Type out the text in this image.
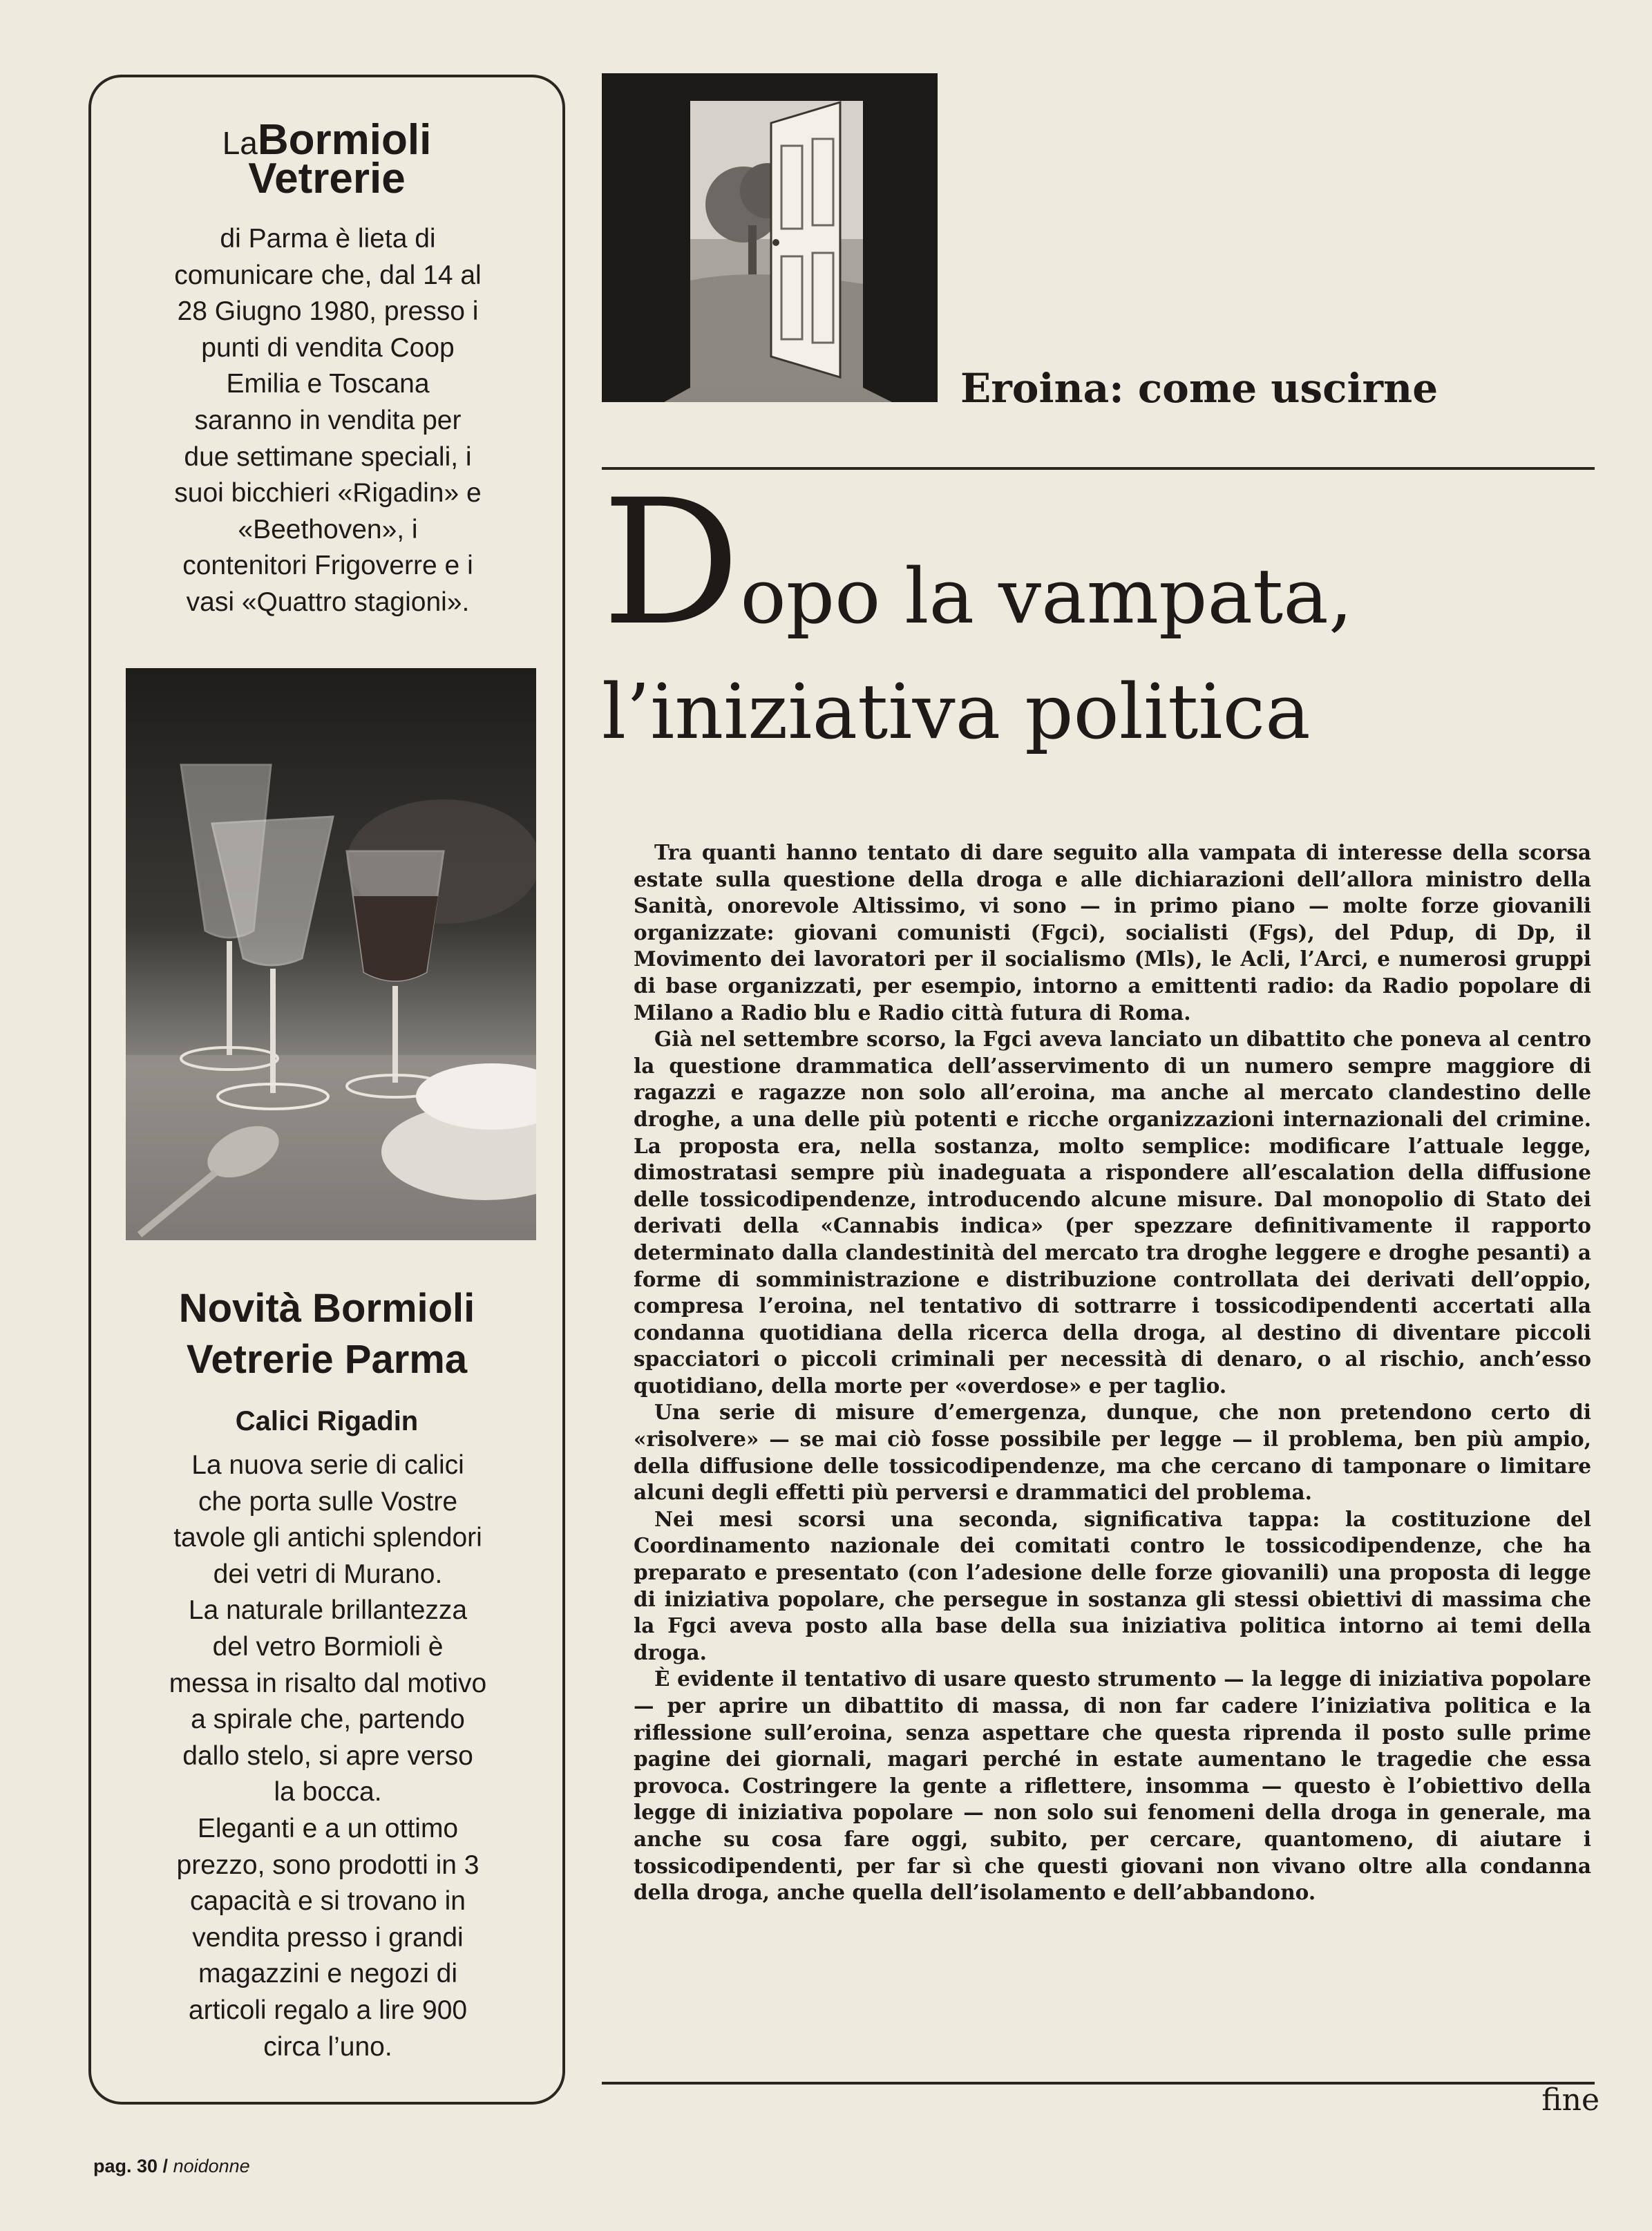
LaBormioli
Vetrerie
di Parma è lieta di
comunicare che, dal 14 al
28 Giugno 1980, presso i
punti di vendita Coop
Emilia e Toscana
saranno in vendita per
due settimane speciali, i
suoi bicchieri «Rigadin» e
«Beethoven», i
contenitori Frigoverre e i
vasi «Quattro stagioni».
Novità Bormioli
Vetrerie Parma
Calici Rigadin
La nuova serie di calici
che porta sulle Vostre
tavole gli antichi splendori
dei vetri di Murano.
La naturale brillantezza
del vetro Bormioli è
messa in risalto dal motivo
a spirale che, partendo
dallo stelo, si apre verso
la bocca.
Eleganti e a un ottimo
prezzo, sono prodotti in 3
capacità e si trovano in
vendita presso i grandi
magazzini e negozi di
articoli regalo a lire 900
circa l’uno.
Eroina: come uscirne
Dopo la vampata,
l’iniziativa politica

Tra quanti hanno tentato di dare seguito alla vampata di interesse della scorsa estate sulla questione della droga e alle dichiarazioni dell’allora ministro della Sanità, onorevole Altissimo, vi sono — in primo piano — molte forze giovanili organizzate: giovani comunisti (Fgci), socialisti (Fgs), del Pdup, di Dp, il Movimento dei lavoratori per il socialismo (Mls), le Acli, l’Arci, e numerosi gruppi di base organizzati, per esempio, intorno a emittenti radio: da Radio popolare di Milano a Radio blu e Radio città futura di Roma.

Già nel settembre scorso, la Fgci aveva lanciato un dibattito che poneva al centro la questione drammatica dell’asservimento di un numero sempre maggiore di ragazzi e ragazze non solo all’eroina, ma anche al mercato clandestino delle droghe, a una delle più potenti e ricche organizzazioni internazionali del crimine. La proposta era, nella sostanza, molto semplice: modificare l’attuale legge, dimostratasi sempre più inadeguata a rispondere all’escalation della diffusione delle tossicodipendenze, introducendo alcune misure. Dal monopolio di Stato dei derivati della «Cannabis indica» (per spezzare definitivamente il rapporto determinato dalla clandestinità del mercato tra droghe leggere e droghe pesanti) a forme di somministrazione e distribuzione controllata dei derivati dell’oppio, compresa l’eroina, nel tentativo di sottrarre i tossicodipendenti accertati alla condanna quotidiana della ricerca della droga, al destino di diventare piccoli spacciatori o piccoli criminali per necessità di denaro, o al rischio, anch’esso quotidiano, della morte per «overdose» e per taglio.

Una serie di misure d’emergenza, dunque, che non pretendono certo di «risolvere» — se mai ciò fosse possibile per legge — il problema, ben più ampio, della diffusione delle tossicodipendenze, ma che cercano di tamponare o limitare alcuni degli effetti più perversi e drammatici del problema.

Nei mesi scorsi una seconda, significativa tappa: la costituzione del Coordinamento nazionale dei comitati contro le tossicodipendenze, che ha preparato e presentato (con l’adesione delle forze giovanili) una proposta di legge di iniziativa popolare, che persegue in sostanza gli stessi obiettivi di massima che la Fgci aveva posto alla base della sua iniziativa politica intorno ai temi della droga.

È evidente il tentativo di usare questo strumento — la legge di iniziativa popolare — per aprire un dibattito di massa, di non far cadere l’iniziativa politica e la riflessione sull’eroina, senza aspettare che questa riprenda il posto sulle prime pagine dei giornali, magari perché in estate aumentano le tragedie che essa provoca. Costringere la gente a riflettere, insomma — questo è l’obiettivo della legge di iniziativa popolare — non solo sui fenomeni della droga in generale, ma anche su cosa fare oggi, subito, per cercare, quantomeno, di aiutare i tossicodipendenti, per far sì che questi giovani non vivano oltre alla condanna della droga, anche quella dell’isolamento e dell’abbandono.

fine
pag. 30 / noidonne
